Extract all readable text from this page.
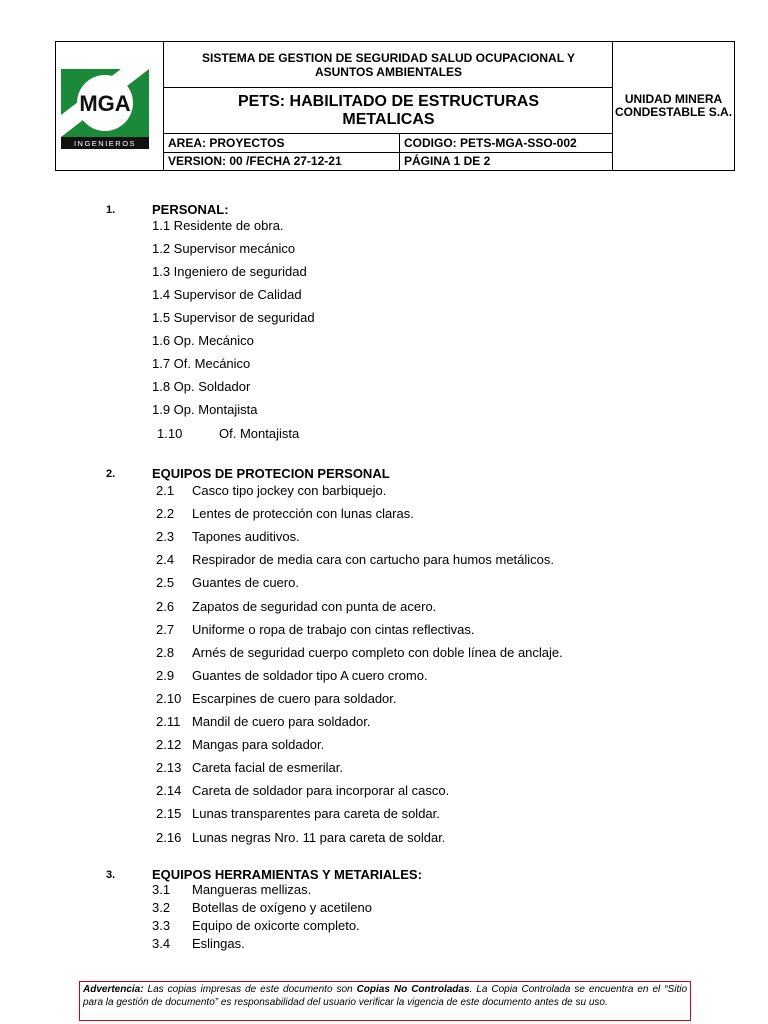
MGA
INGENIEROS
SISTEMA DE GESTION DE SEGURIDAD SALUD OCUPACIONAL Y ASUNTOS AMBIENTALES
PETS: HABILITADO DE ESTRUCTURAS METALICAS
AREA: PROYECTOS	CODIGO: PETS-MGA-SSO-002
VERSION: 00 /FECHA 27-12-21	PÁGINA 1 DE 2
UNIDAD MINERA CONDESTABLE S.A.
1.	PERSONAL:
1.1 Residente de obra.
1.2 Supervisor mecánico
1.3 Ingeniero de seguridad
1.4 Supervisor de Calidad
1.5 Supervisor de seguridad
1.6 Op. Mecánico
1.7 Of. Mecánico
1.8 Op. Soldador
1.9 Op. Montajista
1.10	Of. Montajista
2.	EQUIPOS DE PROTECION PERSONAL
2.1 Casco tipo jockey con barbiquejo.
2.2 Lentes de protección con lunas claras.
2.3 Tapones auditivos.
2.4 Respirador de media cara con cartucho para humos metálicos.
2.5 Guantes de cuero.
2.6 Zapatos de seguridad con punta de acero.
2.7 Uniforme o ropa de trabajo con cintas reflectivas.
2.8 Arnés de seguridad cuerpo completo con doble línea de anclaje.
2.9 Guantes de soldador tipo A cuero cromo.
2.10 Escarpines de cuero para soldador.
2.11 Mandil de cuero para soldador.
2.12 Mangas para soldador.
2.13 Careta facial de esmerilar.
2.14 Careta de soldador para incorporar al casco.
2.15 Lunas transparentes para careta de soldar.
2.16 Lunas negras Nro. 11 para careta de soldar.
3.	EQUIPOS HERRAMIENTAS Y METARIALES:
3.1 Mangueras mellizas.
3.2 Botellas de oxígeno y acetileno
3.3 Equipo de oxicorte completo.
3.4 Eslingas.
Advertencia: Las copias impresas de este documento son Copias No Controladas. La Copia Controlada se encuentra en el “Sitio para la gestión de documento” es responsabilidad del usuario verificar la vigencia de este documento antes de su uso.
